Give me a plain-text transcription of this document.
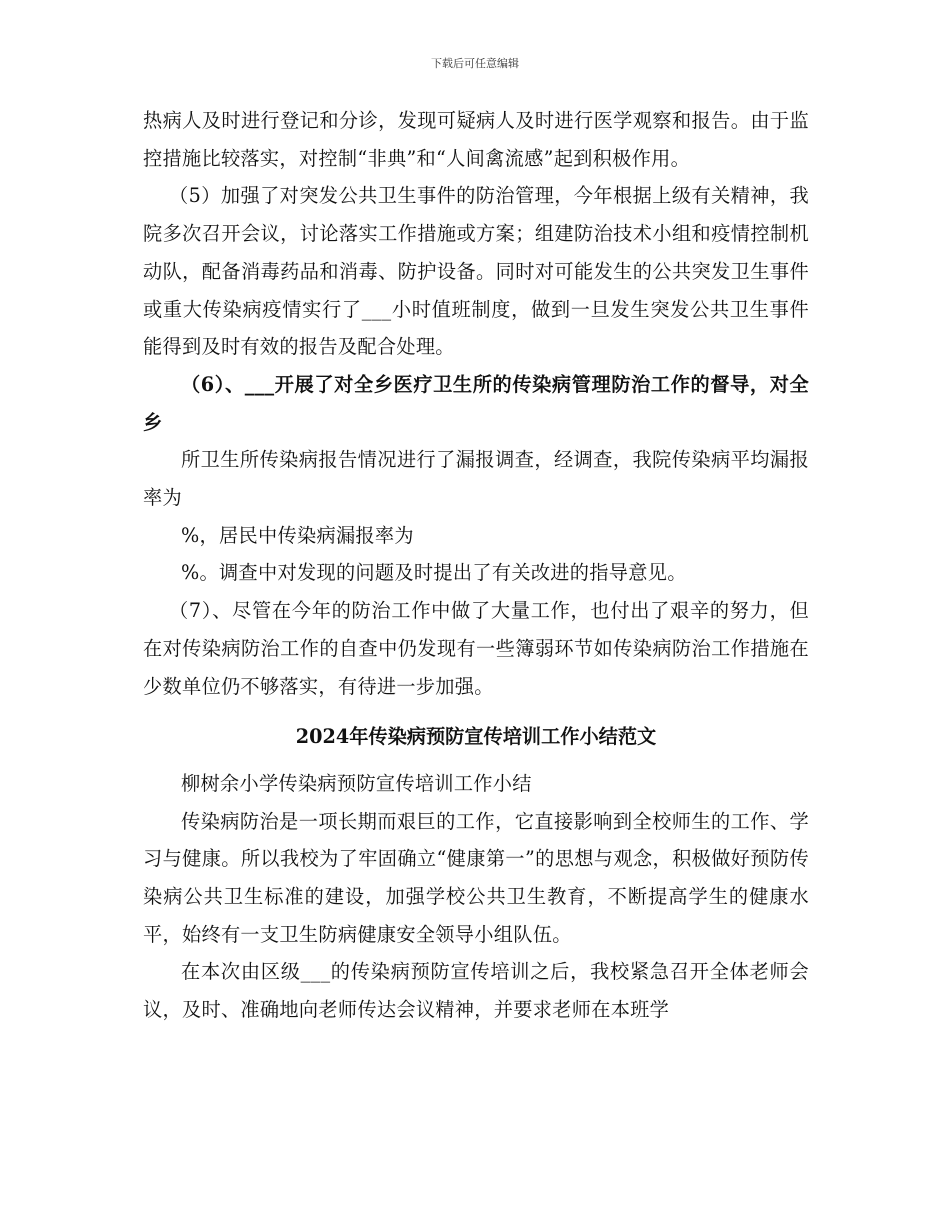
下载后可任意编辑

热病人及时进行登记和分诊，发现可疑病人及时进行医学观察和报告。由于监控措施比较落实，对控制“非典”和“人间禽流感”起到积极作用。

（5）加强了对突发公共卫生事件的防治管理，今年根据上级有关精神，我院多次召开会议，讨论落实工作措施或方案；组建防治技术小组和疫情控制机动队，配备消毒药品和消毒、防护设备。同时对可能发生的公共突发卫生事件或重大传染病疫情实行了___小时值班制度，做到一旦发生突发公共卫生事件能得到及时有效的报告及配合处理。

（6）、___开展了对全乡医疗卫生所的传染病管理防治工作的督导，对全乡

所卫生所传染病报告情况进行了漏报调查，经调查，我院传染病平均漏报率为

%，居民中传染病漏报率为

%。调查中对发现的问题及时提出了有关改进的指导意见。

（7）、尽管在今年的防治工作中做了大量工作，也付出了艰辛的努力，但在对传染病防治工作的自查中仍发现有一些簿弱环节如传染病防治工作措施在少数单位仍不够落实，有待进一步加强。

2024年传染病预防宣传培训工作小结范文

柳树余小学传染病预防宣传培训工作小结

传染病防治是一项长期而艰巨的工作，它直接影响到全校师生的工作、学习与健康。所以我校为了牢固确立“健康第一”的思想与观念，积极做好预防传染病公共卫生标准的建设，加强学校公共卫生教育，不断提高学生的健康水平，始终有一支卫生防病健康安全领导小组队伍。

在本次由区级___的传染病预防宣传培训之后，我校紧急召开全体老师会议，及时、准确地向老师传达会议精神，并要求老师在本班学
